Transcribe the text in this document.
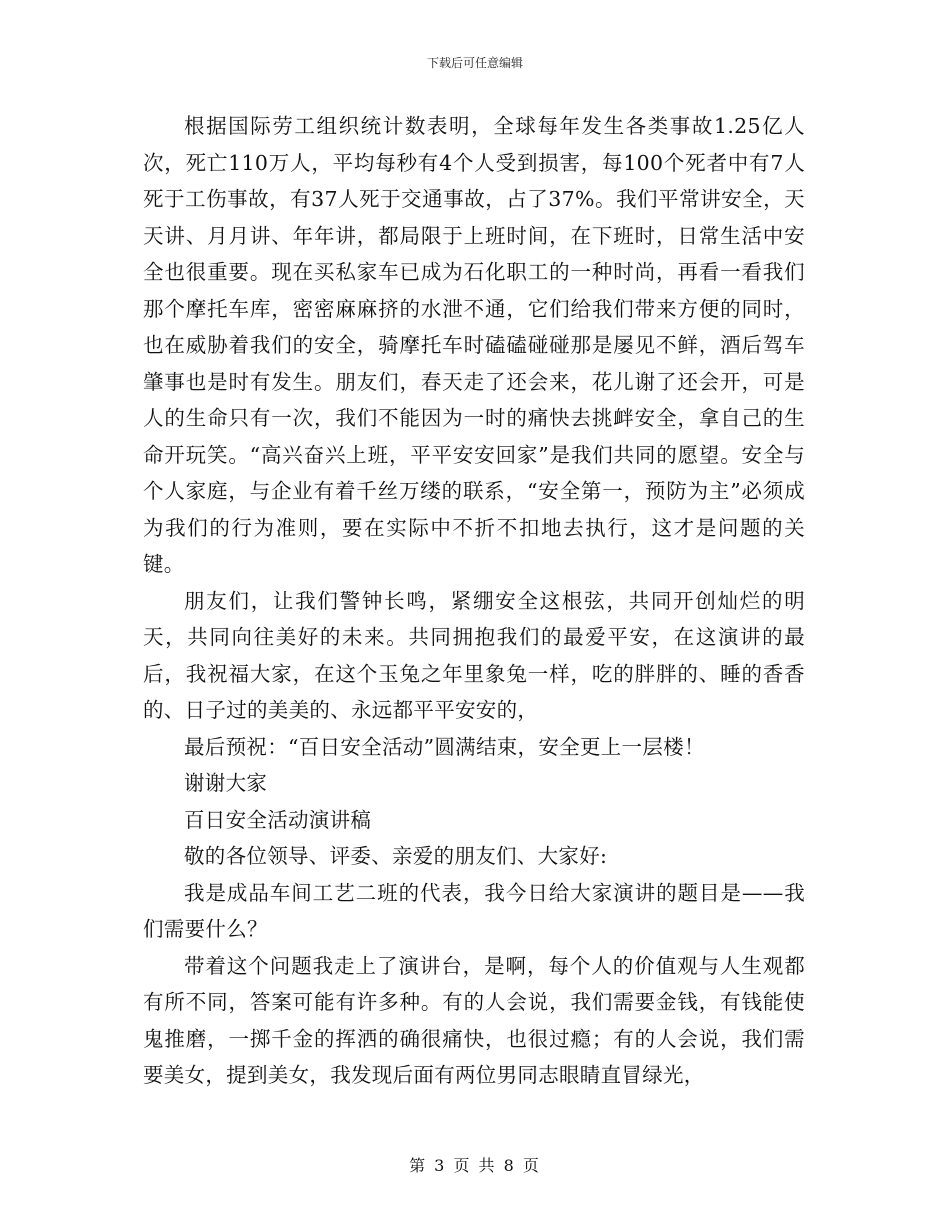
下载后可任意编辑

根据国际劳工组织统计数表明，全球每年发生各类事故1.25亿人次，死亡110万人，平均每秒有4个人受到损害，每100个死者中有7人死于工伤事故，有37人死于交通事故，占了37%。我们平常讲安全，天天讲、月月讲、年年讲，都局限于上班时间，在下班时，日常生活中安全也很重要。现在买私家车已成为石化职工的一种时尚，再看一看我们那个摩托车库，密密麻麻挤的水泄不通，它们给我们带来方便的同时，也在威胁着我们的安全，骑摩托车时磕磕碰碰那是屡见不鲜，酒后驾车肇事也是时有发生。朋友们，春天走了还会来，花儿谢了还会开，可是人的生命只有一次，我们不能因为一时的痛快去挑衅安全，拿自己的生命开玩笑。“高兴奋兴上班，平平安安回家”是我们共同的愿望。安全与个人家庭，与企业有着千丝万缕的联系，“安全第一，预防为主”必须成为我们的行为准则，要在实际中不折不扣地去执行，这才是问题的关键。

朋友们，让我们警钟长鸣，紧绷安全这根弦，共同开创灿烂的明天，共同向往美好的未来。共同拥抱我们的最爱平安，在这演讲的最后，我祝福大家，在这个玉兔之年里象兔一样，吃的胖胖的、睡的香香的、日子过的美美的、永远都平平安安的，

最后预祝：“百日安全活动”圆满结束，安全更上一层楼！

谢谢大家

百日安全活动演讲稿

敬的各位领导、评委、亲爱的朋友们、大家好:

我是成品车间工艺二班的代表，我今日给大家演讲的题目是——我们需要什么？

带着这个问题我走上了演讲台，是啊，每个人的价值观与人生观都有所不同，答案可能有许多种。有的人会说，我们需要金钱，有钱能使鬼推磨，一掷千金的挥洒的确很痛快，也很过瘾；有的人会说，我们需要美女，提到美女，我发现后面有两位男同志眼睛直冒绿光，

第 3 页 共 8 页
